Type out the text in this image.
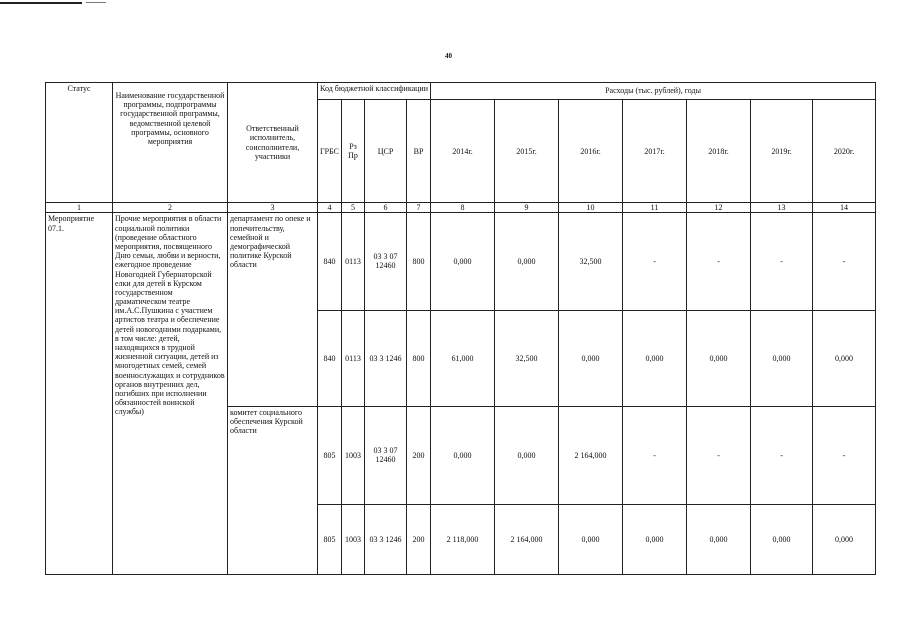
40
Статус	Наименование государственной программы, подпрограммы государственной программы, ведомственной целевой программы, основного мероприятия	Ответственный исполнитель, соисполнители, участники	Код бюджетной классификации				Расходы (тыс. рублей), годы						
			ГРБС	Рз Пр	ЦСР	ВР	2014г.	2015г.	2016г.	2017г.	2018г.	2019г.	2020г.
1	2	3	4	5	6	7	8	9	10	11	12	13	14
Мероприятие 07.1.	Прочие мероприятия в области социальной политики (проведение областного мероприятия, посвященного Дню семьи, любви и верности, ежегодное проведение Новогодней Губернаторской елки для детей в Курском государственном драматическом театре им.А.С.Пушкина с участием артистов театра и обеспечение детей новогодними подарками, в том числе: детей, находящихся в трудной жизненной ситуации, детей из многодетных семей, семей военнослужащих и сотрудников органов внутренних дел, погибших при исполнении обязанностей воинской службы)	департамент по опеке и попечительству, семейной и демографической политике Курской области	840	0113	03 3 07 12460	800	0,000	0,000	32,500	-	-	-	-
			840	0113	03 3 1246	800	61,000	32,500	0,000	0,000	0,000	0,000	0,000
		комитет социального обеспечения Курской области	805	1003	03 3 07 12460	200	0,000	0,000	2 164,000	-	-	-	-
			805	1003	03 3 1246	200	2 118,000	2 164,000	0,000	0,000	0,000	0,000	0,000
